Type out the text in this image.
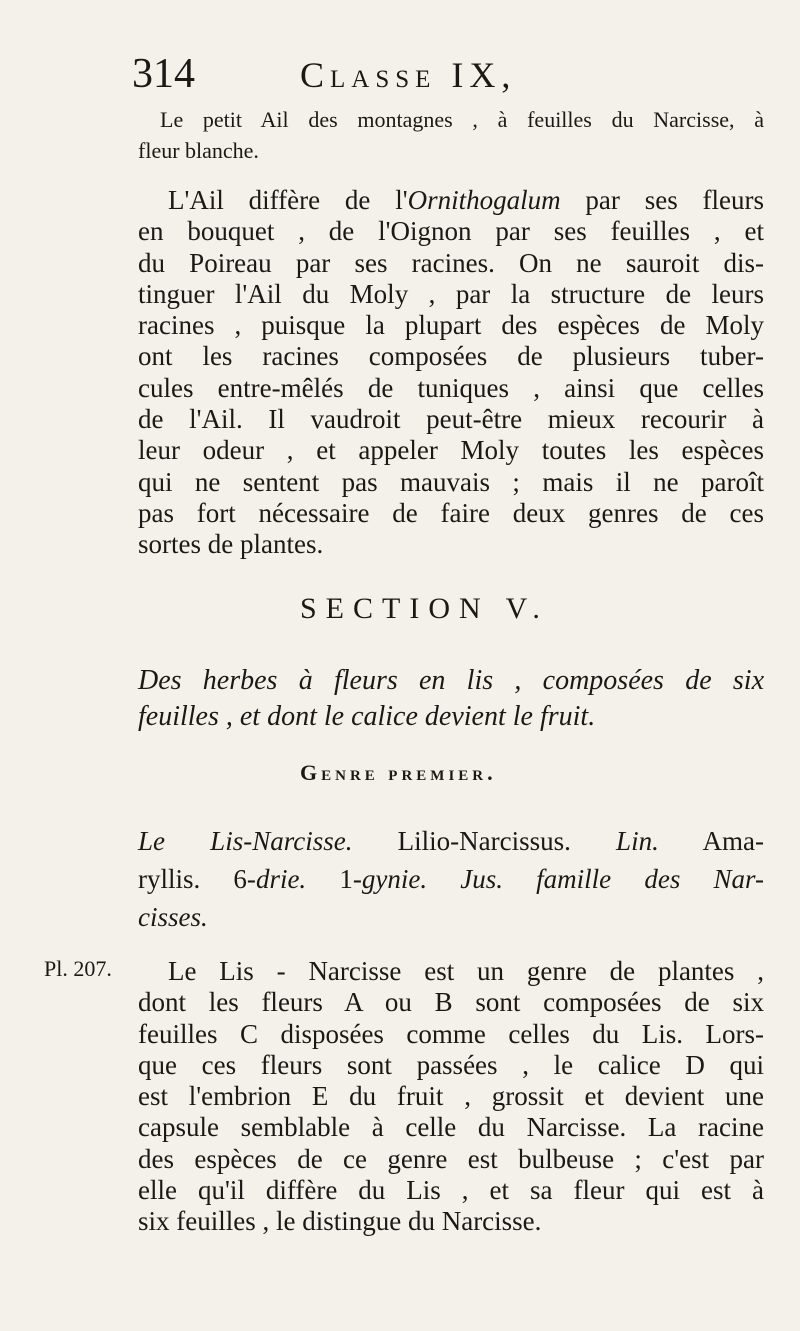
314	Classe IX,
Le petit Ail des montagnes , à feuilles du Narcisse, à
fleur blanche.
L'Ail diffère de l'Ornithogalum par ses fleurs
en bouquet , de l'Oignon par ses feuilles , et
du Poireau par ses racines. On ne sauroit dis-
tinguer l'Ail du Moly , par la structure de leurs
racines , puisque la plupart des espèces de Moly
ont les racines composées de plusieurs tuber-
cules entre-mêlés de tuniques , ainsi que celles
de l'Ail. Il vaudroit peut-être mieux recourir à
leur odeur , et appeler Moly toutes les espèces
qui ne sentent pas mauvais ; mais il ne paroît
pas fort nécessaire de faire deux genres de ces
sortes de plantes.
SECTION V.
Des herbes à fleurs en lis , composées de six
feuilles , et dont le calice devient le fruit.
Genre premier.
Le Lis-Narcisse. Lilio-Narcissus. Lin. Ama-
ryllis. 6-drie. 1-gynie. Jus. famille des Nar-
cisses.
Pl. 207.	Le Lis - Narcisse est un genre de plantes ,
dont les fleurs A ou B sont composées de six
feuilles C disposées comme celles du Lis. Lors-
que ces fleurs sont passées , le calice D qui
est l'embrion E du fruit , grossit et devient une
capsule semblable à celle du Narcisse. La racine
des espèces de ce genre est bulbeuse ; c'est par
elle qu'il diffère du Lis , et sa fleur qui est à
six feuilles , le distingue du Narcisse.
